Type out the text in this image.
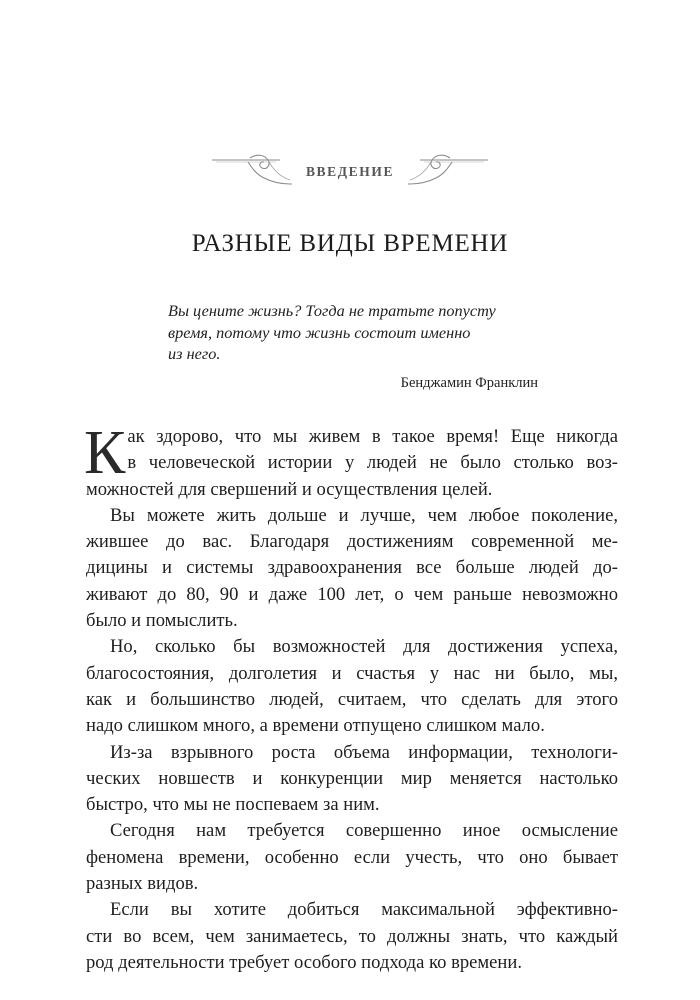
ВВЕДЕНИЕ
РАЗНЫЕ ВИДЫ ВРЕМЕНИ

Вы цените жизнь? Тогда не тратьте попусту
время, потому что жизнь состоит именно
из него.

Бенджамин Франклин

К ак здорово, что мы живем в такое время! Еще никогда
в человеческой истории у людей не было столько воз-
можностей для свершений и осуществления целей.

Вы можете жить дольше и лучше, чем любое поколение,
жившее до вас. Благодаря достижениям современной ме-
дицины и системы здравоохранения все больше людей до-
живают до 80, 90 и даже 100 лет, о чем раньше невозможно
было и помыслить.

Но, сколько бы возможностей для достижения успеха,
благосостояния, долголетия и счастья у нас ни было, мы,
как и большинство людей, считаем, что сделать для этого
надо слишком много, а времени отпущено слишком мало.

Из-за взрывного роста объема информации, технологи-
ческих новшеств и конкуренции мир меняется настолько
быстро, что мы не поспеваем за ним.

Сегодня нам требуется совершенно иное осмысление
феномена времени, особенно если учесть, что оно бывает
разных видов.

Если вы хотите добиться максимальной эффективно-
сти во всем, чем занимаетесь, то должны знать, что каждый
род деятельности требует особого подхода ко времени.
